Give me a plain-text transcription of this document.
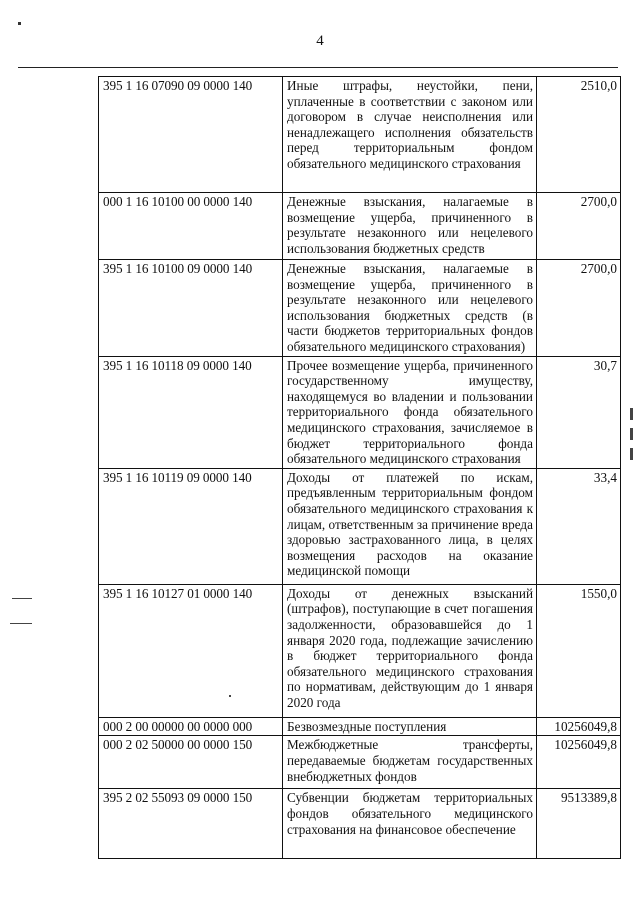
4
395 1 16 07090 09 0000 140	Иные штрафы, неустойки, пени, уплаченные в соответствии с законом или договором в случае неисполнения или ненадлежащего исполнения обязательств перед территориальным фондом обязательного медицинского страхования	2510,0
000 1 16 10100 00 0000 140	Денежные взыскания, налагаемые в возмещение ущерба, причиненного в результате незаконного или нецелевого использования бюджетных средств	2700,0
395 1 16 10100 09 0000 140	Денежные взыскания, налагаемые в возмещение ущерба, причиненного в результате незаконного или нецелевого использования бюджетных средств (в части бюджетов территориальных фондов обязательного медицинского страхования)	2700,0
395 1 16 10118 09 0000 140	Прочее возмещение ущерба, причиненного государственному имуществу, находящемуся во владении и пользовании территориального фонда обязательного медицинского страхования, зачисляемое в бюджет территориального фонда обязательного медицинского страхования	30,7
395 1 16 10119 09 0000 140	Доходы от платежей по искам, предъявленным территориальным фондом обязательного медицинского страхования к лицам, ответственным за причинение вреда здоровью застрахованного лица, в целях возмещения расходов на оказание медицинской помощи	33,4
395 1 16 10127 01 0000 140	Доходы от денежных взысканий (штрафов), поступающие в счет погашения задолженности, образовавшейся до 1 января 2020 года, подлежащие зачислению в бюджет территориального фонда обязательного медицинского страхования по нормативам, действующим до 1 января 2020 года	1550,0
000 2 00 00000 00 0000 000	Безвозмездные поступления	10256049,8
000 2 02 50000 00 0000 150	Межбюджетные трансферты, передаваемые бюджетам государственных внебюджетных фондов	10256049,8
395 2 02 55093 09 0000 150	Субвенции бюджетам территориальных фондов обязательного медицинского страхования на финансовое обеспечение	9513389,8
